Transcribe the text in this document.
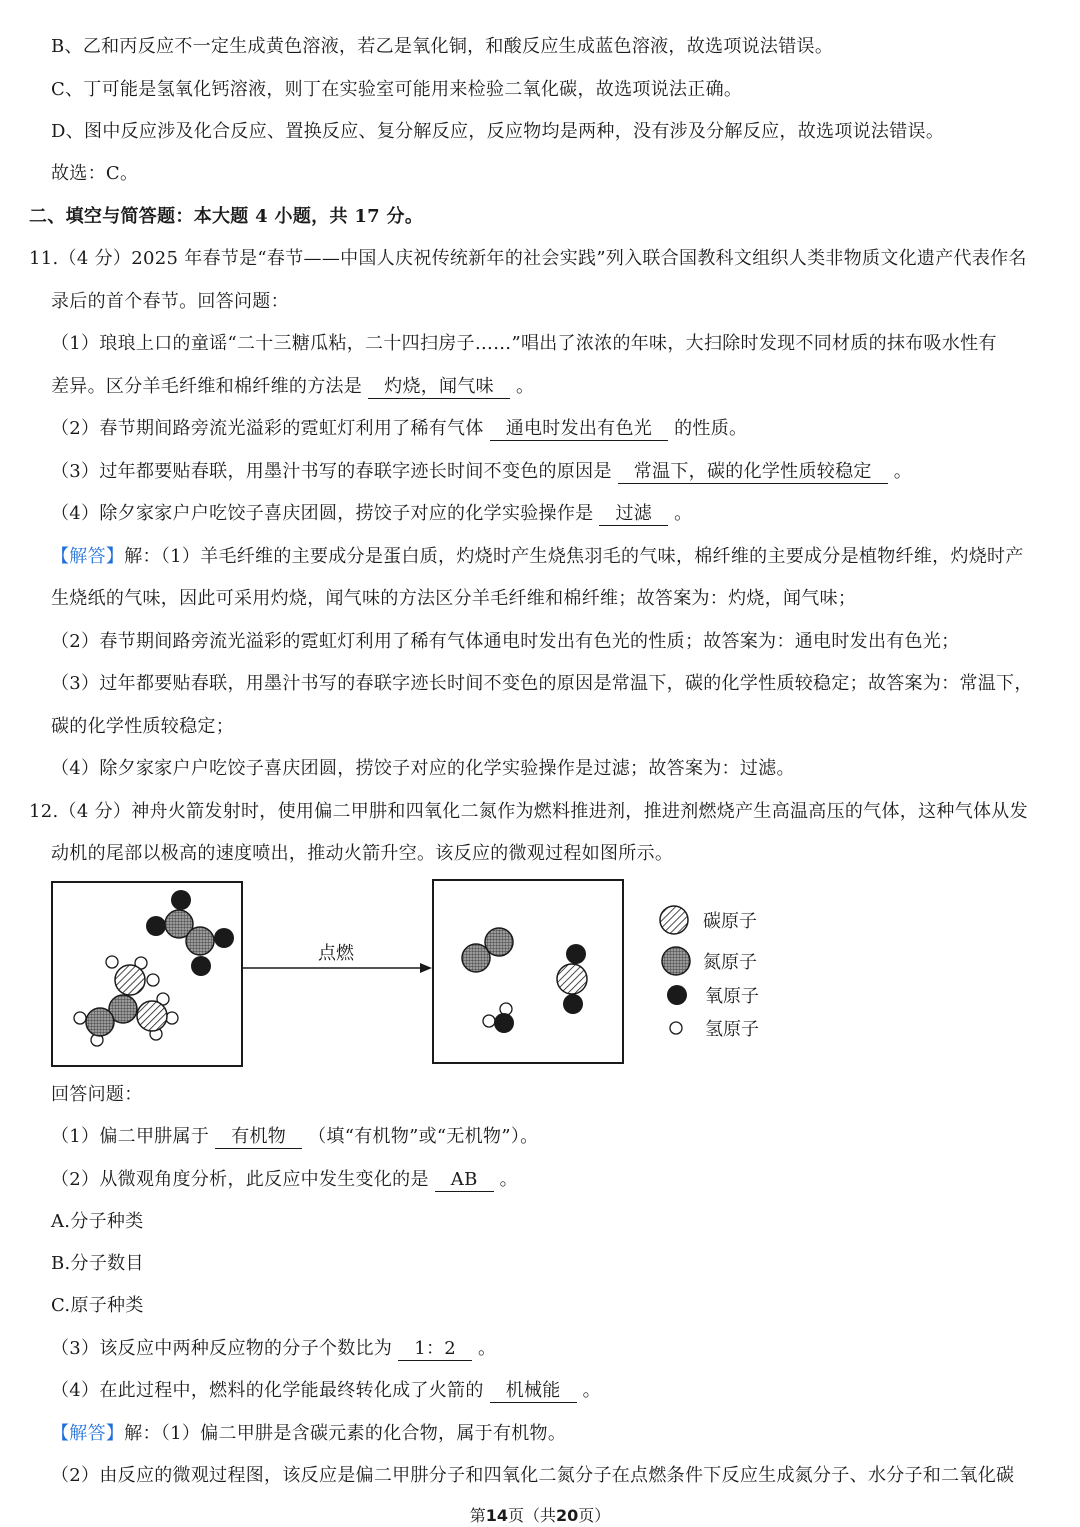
B、乙和丙反应不一定生成黄色溶液，若乙是氧化铜，和酸反应生成蓝色溶液，故选项说法错误。
C、丁可能是氢氧化钙溶液，则丁在实验室可能用来检验二氧化碳，故选项说法正确。
D、图中反应涉及化合反应、置换反应、复分解反应，反应物均是两种，没有涉及分解反应，故选项说法错误。
故选：C。
二、填空与简答题：本大题 4 小题，共 17 分。
11.（4 分）2025 年春节是“春节——中国人庆祝传统新年的社会实践”列入联合国教科文组织人类非物质文化遗产代表作名
录后的首个春节。回答问题：
（1）琅琅上口的童谣“二十三糖瓜粘，二十四扫房子……”唱出了浓浓的年味，大扫除时发现不同材质的抹布吸水性有
差异。区分羊毛纤维和棉纤维的方法是 灼烧，闻气味 。
（2）春节期间路旁流光溢彩的霓虹灯利用了稀有气体 通电时发出有色光 的性质。
（3）过年都要贴春联，用墨汁书写的春联字迹长时间不变色的原因是 常温下，碳的化学性质较稳定 。
（4）除夕家家户户吃饺子喜庆团圆，捞饺子对应的化学实验操作是 过滤 。
【解答】解：（1）羊毛纤维的主要成分是蛋白质，灼烧时产生烧焦羽毛的气味，棉纤维的主要成分是植物纤维，灼烧时产
生烧纸的气味，因此可采用灼烧，闻气味的方法区分羊毛纤维和棉纤维；故答案为：灼烧，闻气味；
（2）春节期间路旁流光溢彩的霓虹灯利用了稀有气体通电时发出有色光的性质；故答案为：通电时发出有色光；
（3）过年都要贴春联，用墨汁书写的春联字迹长时间不变色的原因是常温下，碳的化学性质较稳定；故答案为：常温下，
碳的化学性质较稳定；
（4）除夕家家户户吃饺子喜庆团圆，捞饺子对应的化学实验操作是过滤；故答案为：过滤。
12.（4 分）神舟火箭发射时，使用偏二甲肼和四氧化二氮作为燃料推进剂，推进剂燃烧产生高温高压的气体，这种气体从发
动机的尾部以极高的速度喷出，推动火箭升空。该反应的微观过程如图所示。
点燃
碳原子
氮原子
氧原子
氢原子
回答问题：
（1）偏二甲肼属于 有机物 （填“有机物”或“无机物”）。
（2）从微观角度分析，此反应中发生变化的是 AB 。
A.分子种类
B.分子数目
C.原子种类
（3）该反应中两种反应物的分子个数比为 1：2 。
（4）在此过程中，燃料的化学能最终转化成了火箭的 机械能 。
【解答】解：（1）偏二甲肼是含碳元素的化合物，属于有机物。
（2）由反应的微观过程图，该反应是偏二甲肼分子和四氧化二氮分子在点燃条件下反应生成氮分子、水分子和二氧化碳
第14页（共20页）
